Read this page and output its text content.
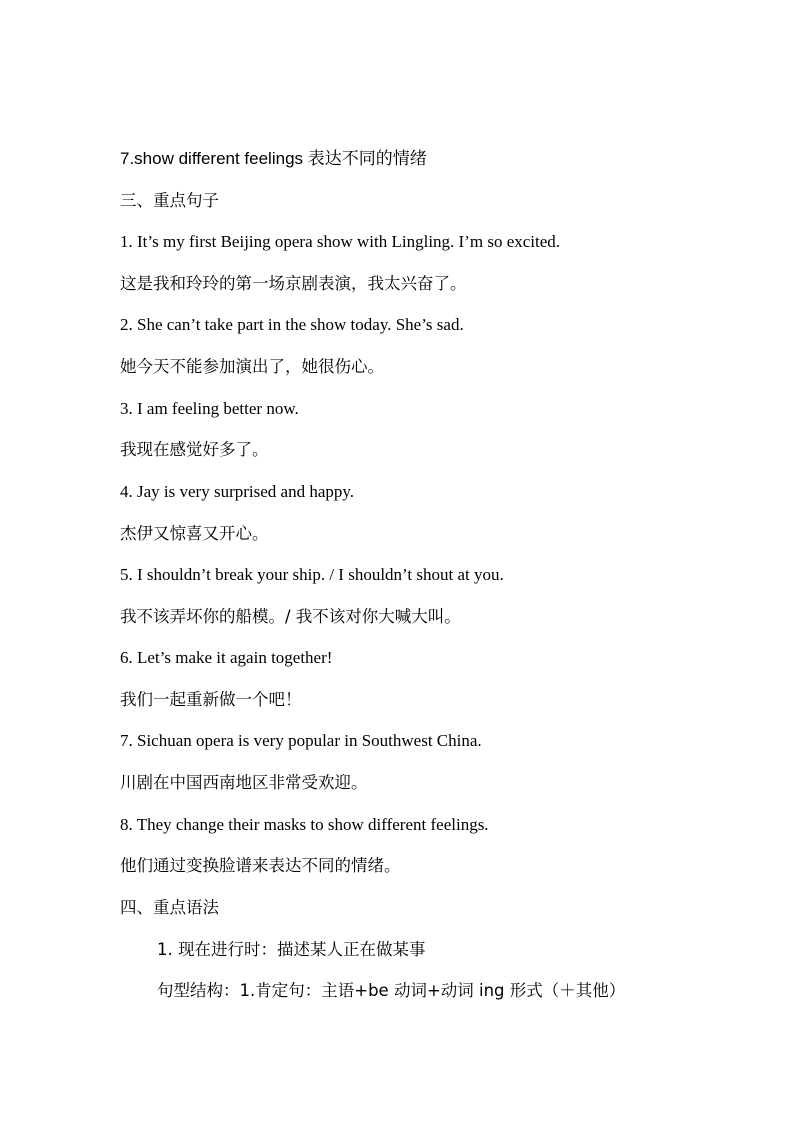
7.show different feelings 表达不同的情绪
三、重点句子
1. It’s my first Beijing opera show with Lingling. I’m so excited.
这是我和玲玲的第一场京剧表演，我太兴奋了。
2. She can’t take part in the show today. She’s sad.
她今天不能参加演出了，她很伤心。
3. I am feeling better now.
我现在感觉好多了。
4. Jay is very surprised and happy.
杰伊又惊喜又开心。
5. I shouldn’t break your ship. / I shouldn’t shout at you.
我不该弄坏你的船模。/ 我不该对你大喊大叫。
6. Let’s make it again together!
我们一起重新做一个吧！
7. Sichuan opera is very popular in Southwest China.
川剧在中国西南地区非常受欢迎。
8. They change their masks to show different feelings.
他们通过变换脸谱来表达不同的情绪。
四、重点语法
1. 现在进行时：描述某人正在做某事
句型结构：1.肯定句：主语+be 动词+动词 ing 形式（＋其他）
